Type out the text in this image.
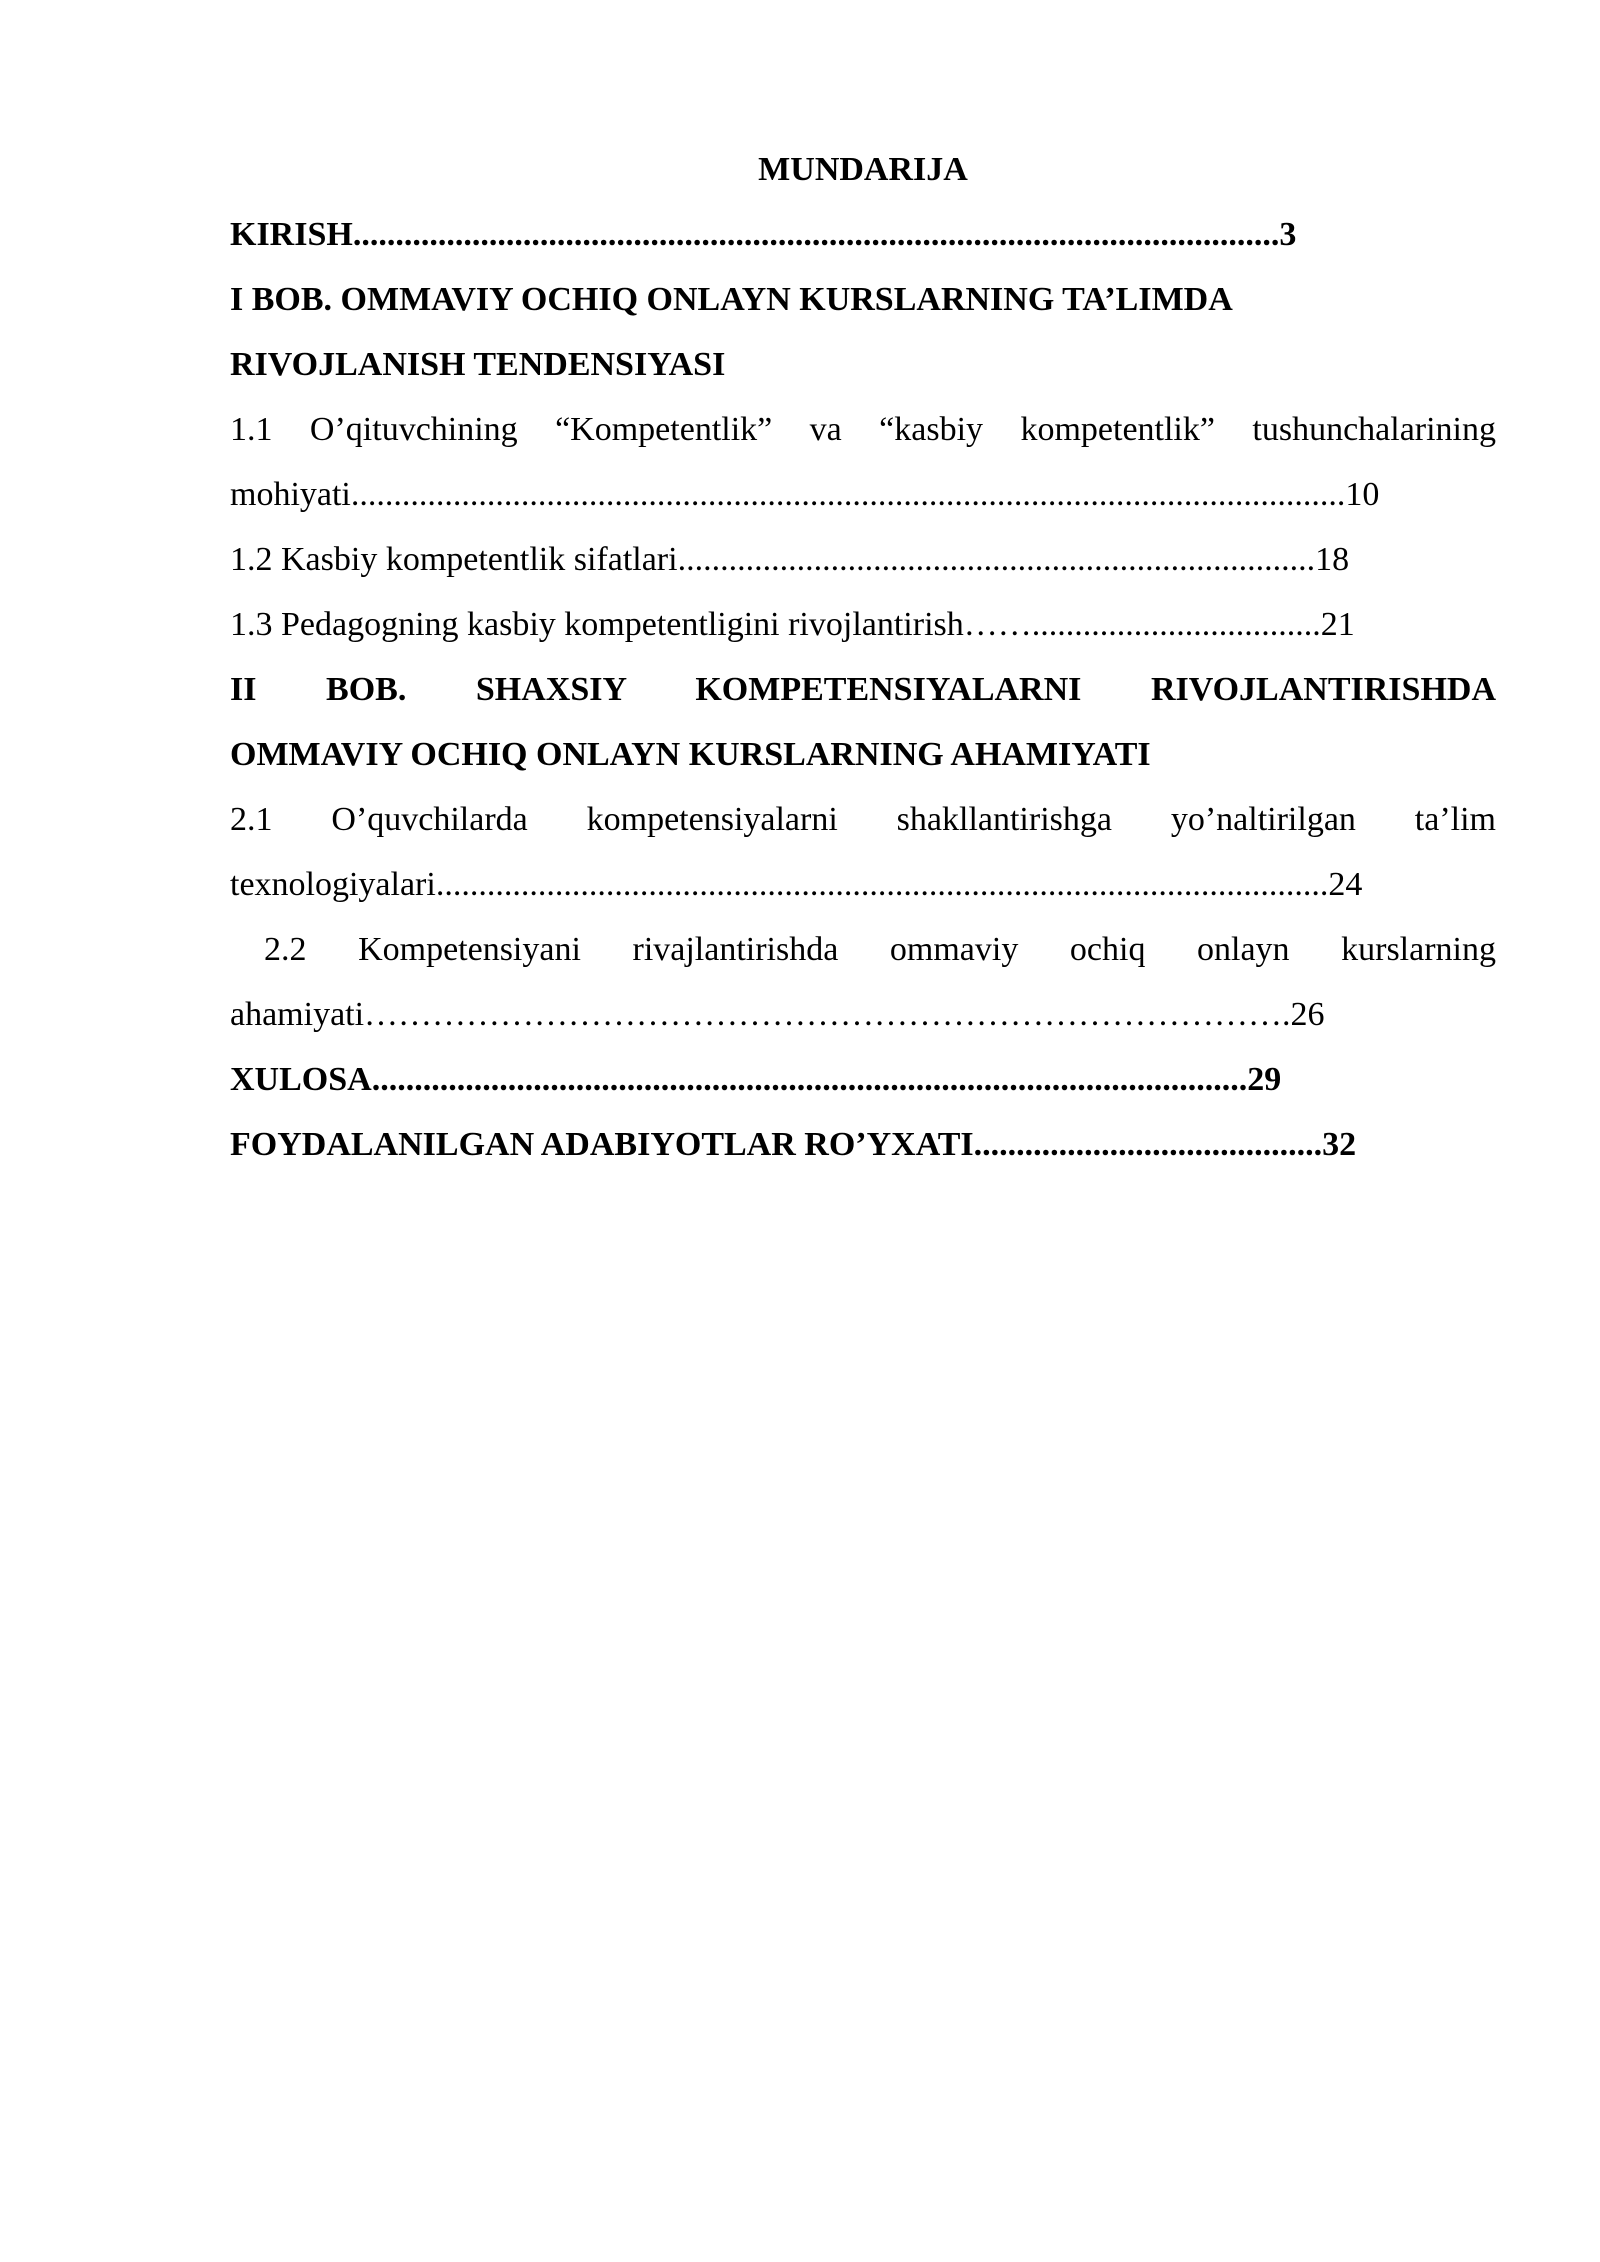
MUNDARIJA
KIRISH.............................................................................................................3
I BOB. OMMAVIY OCHIQ ONLAYN KURSLARNING TA’LIMDA
RIVOJLANISH TENDENSIYASI
1.1 O’qituvchining “Kompetentlik” va “kasbiy kompetentlik” tushunchalarining
mohiyati.....................................................................................................................10
1.2 Kasbiy kompetentlik sifatlari...........................................................................18
1.3 Pedagogning kasbiy kompetentligini rivojlantirish……..................................21
II BOB. SHAXSIY KOMPETENSIYALARNI RIVOJLANTIRISHDA
OMMAVIY OCHIQ ONLAYN KURSLARNING AHAMIYATI
2.1 O’quvchilarda kompetensiyalarni shakllantirishga yo’naltirilgan ta’lim
texnologiyalari.........................................................................................................24
2.2 Kompetensiyani rivajlantirishda ommaviy ochiq onlayn kurslarning
ahamiyati……………………………………………………………………….26
XULOSA.......................................................................................................29
FOYDALANILGAN ADABIYOTLAR RO’YXATI.........................................32
